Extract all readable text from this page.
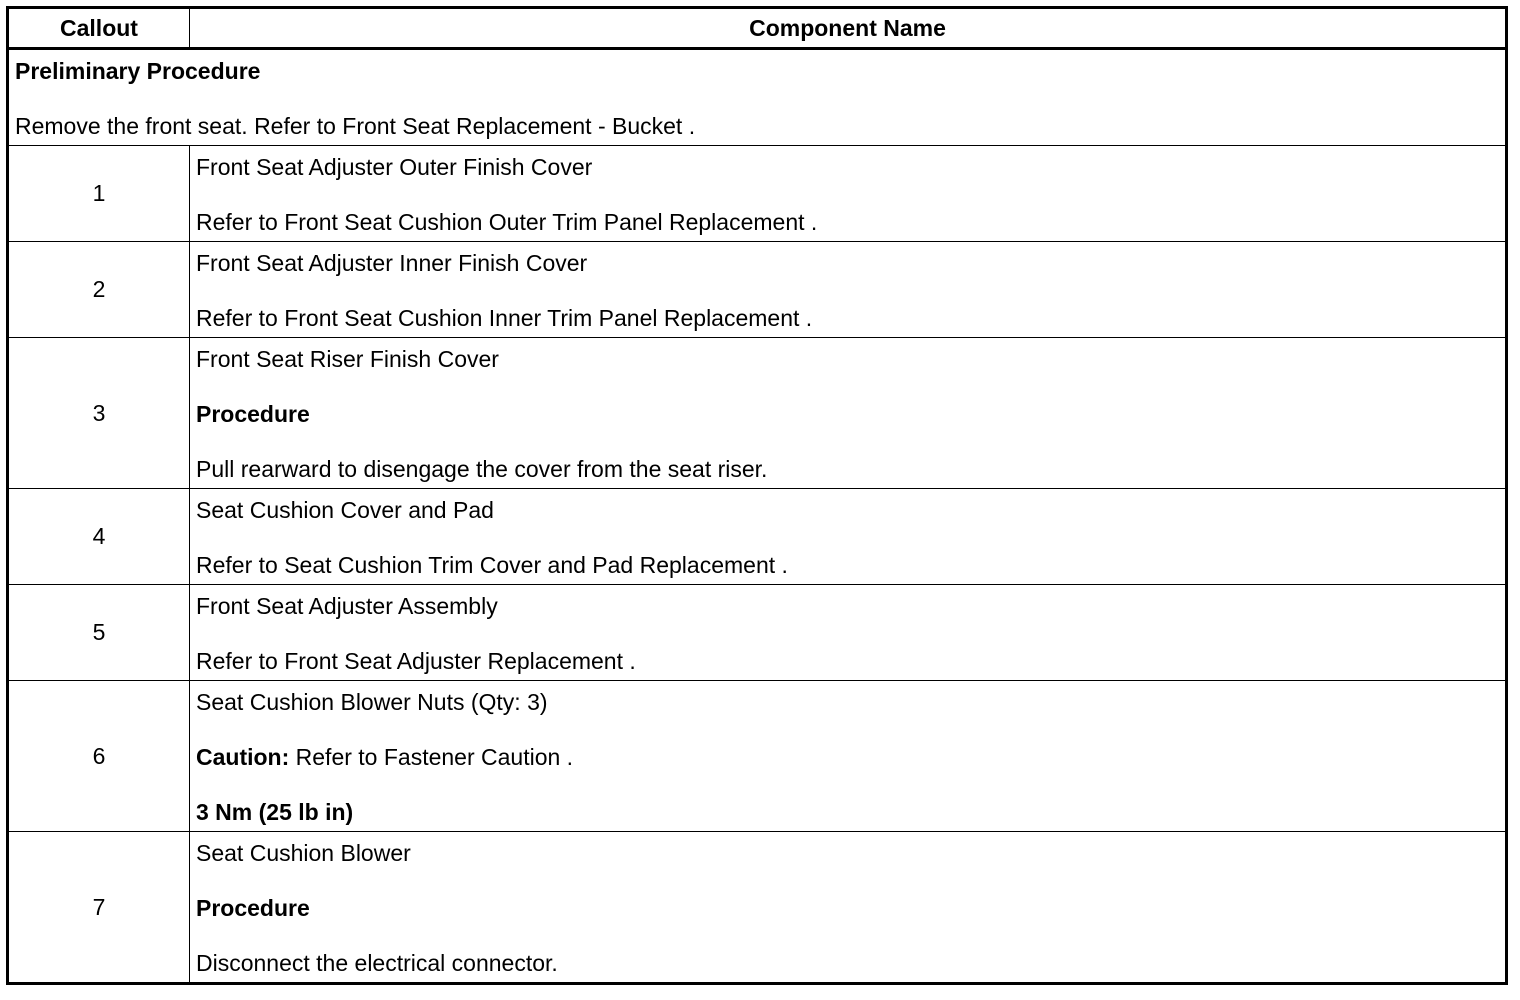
Callout	Component Name

Preliminary Procedure
Remove the front seat. Refer to Front Seat Replacement - Bucket .	

1	Front Seat Adjuster Outer Finish Cover
Refer to Front Seat Cushion Outer Trim Panel Replacement .

2	Front Seat Adjuster Inner Finish Cover
Refer to Front Seat Cushion Inner Trim Panel Replacement .

3	Front Seat Riser Finish Cover
Procedure
Pull rearward to disengage the cover from the seat riser.

4	Seat Cushion Cover and Pad
Refer to Seat Cushion Trim Cover and Pad Replacement .

5	Front Seat Adjuster Assembly
Refer to Front Seat Adjuster Replacement .

6	Seat Cushion Blower Nuts (Qty: 3)
Caution: Refer to Fastener Caution .
3 Nm (25 lb in)

7	Seat Cushion Blower
Procedure
Disconnect the electrical connector.
